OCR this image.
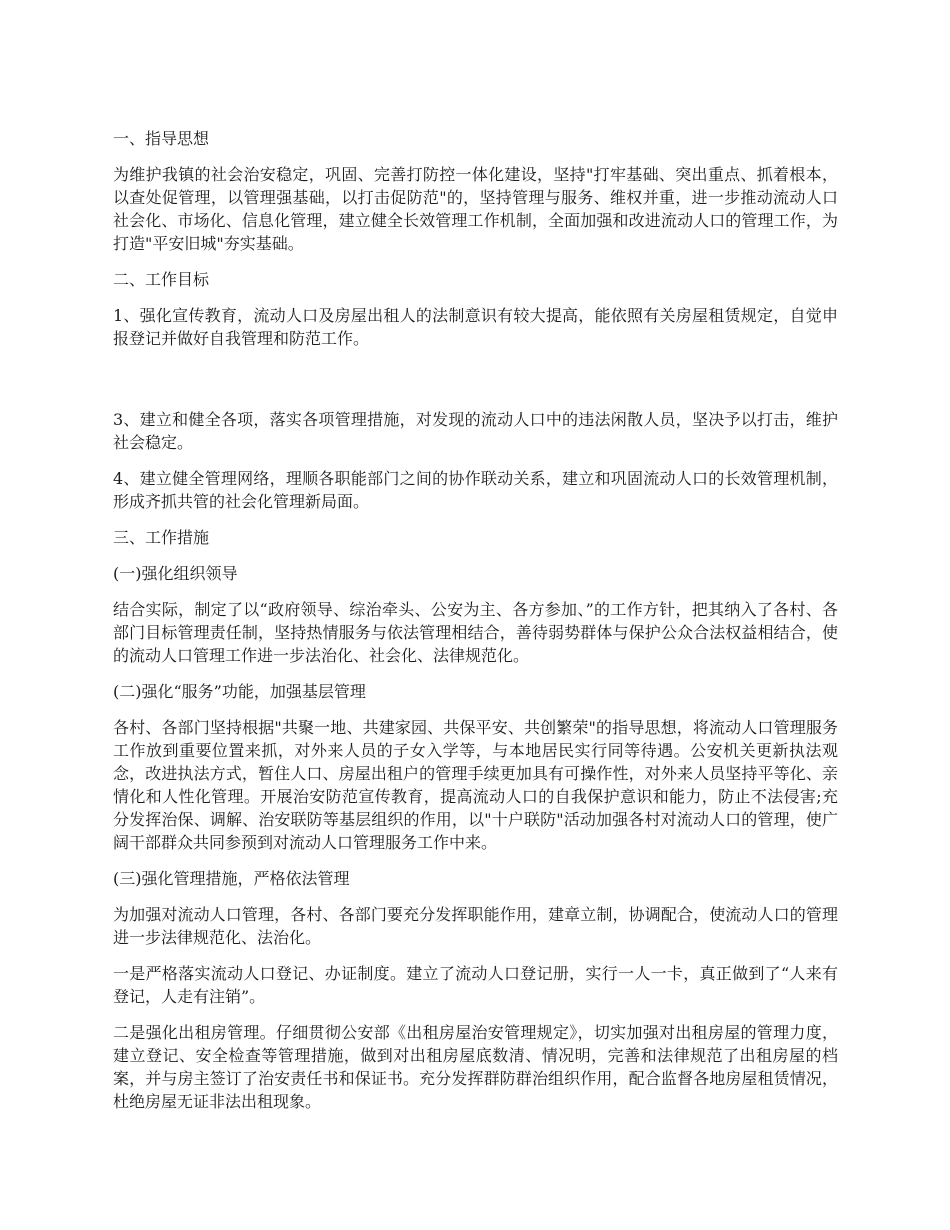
一、指导思想

为维护我镇的社会治安稳定，巩固、完善打防控一体化建设，坚持"打牢基础、突出重点、抓着根本，以查处促管理，以管理强基础，以打击促防范"的，坚持管理与服务、维权并重，进一步推动流动人口社会化、市场化、信息化管理，建立健全长效管理工作机制，全面加强和改进流动人口的管理工作，为打造"平安旧城"夯实基础。

二、工作目标

1、强化宣传教育，流动人口及房屋出租人的法制意识有较大提高，能依照有关房屋租赁规定，自觉申报登记并做好自我管理和防范工作。

3、建立和健全各项，落实各项管理措施，对发现的流动人口中的违法闲散人员，坚决予以打击，维护社会稳定。

4、建立健全管理网络，理顺各职能部门之间的协作联动关系，建立和巩固流动人口的长效管理机制，形成齐抓共管的社会化管理新局面。

三、工作措施

(一)强化组织领导

结合实际，制定了以“政府领导、综治牵头、公安为主、各方参加、”的工作方针，把其纳入了各村、各部门目标管理责任制，坚持热情服务与依法管理相结合，善待弱势群体与保护公众合法权益相结合，使的流动人口管理工作进一步法治化、社会化、法律规范化。

(二)强化“服务”功能，加强基层管理

各村、各部门坚持根据"共聚一地、共建家园、共保平安、共创繁荣"的指导思想，将流动人口管理服务工作放到重要位置来抓，对外来人员的子女入学等，与本地居民实行同等待遇。公安机关更新执法观念，改进执法方式，暂住人口、房屋出租户的管理手续更加具有可操作性，对外来人员坚持平等化、亲情化和人性化管理。开展治安防范宣传教育，提高流动人口的自我保护意识和能力，防止不法侵害;充分发挥治保、调解、治安联防等基层组织的作用，以"十户联防"活动加强各村对流动人口的管理，使广阔干部群众共同参预到对流动人口管理服务工作中来。

(三)强化管理措施，严格依法管理

为加强对流动人口管理，各村、各部门要充分发挥职能作用，建章立制，协调配合，使流动人口的管理进一步法律规范化、法治化。

一是严格落实流动人口登记、办证制度。建立了流动人口登记册，实行一人一卡，真正做到了“人来有登记，人走有注销”。

二是强化出租房管理。仔细贯彻公安部《出租房屋治安管理规定》，切实加强对出租房屋的管理力度，建立登记、安全检查等管理措施，做到对出租房屋底数清、情况明，完善和法律规范了出租房屋的档案，并与房主签订了治安责任书和保证书。充分发挥群防群治组织作用，配合监督各地房屋租赁情况，杜绝房屋无证非法出租现象。
